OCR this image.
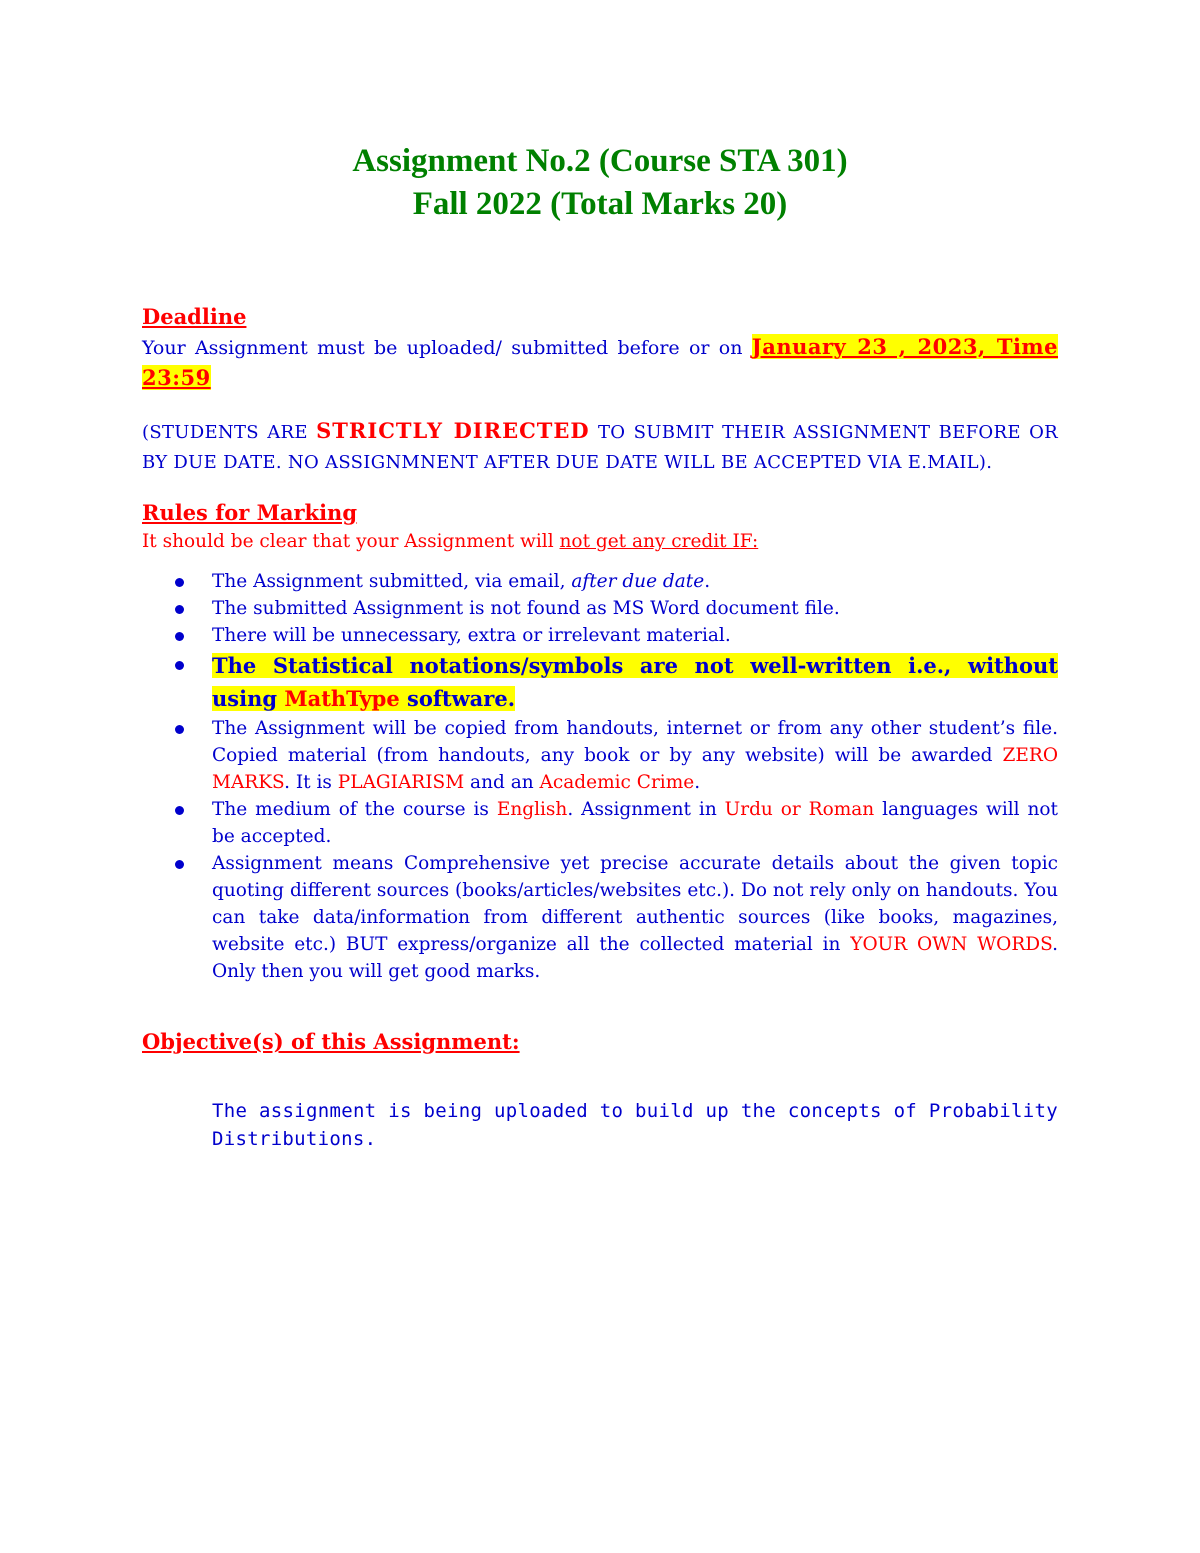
Assignment No.2 (Course STA 301)
Fall 2022 (Total Marks 20)

Deadline

Your Assignment must be uploaded/ submitted before or on January 23 , 2023, Time 23:59

(STUDENTS ARE STRICTLY DIRECTED TO SUBMIT THEIR ASSIGNMENT BEFORE OR BY DUE DATE. NO ASSIGNMNENT AFTER DUE DATE WILL BE ACCEPTED VIA E.MAIL).

Rules for Marking

It should be clear that your Assignment will not get any credit IF:

The Assignment submitted, via email, after due date.
The submitted Assignment is not found as MS Word document file.
There will be unnecessary, extra or irrelevant material.
The Statistical notations/symbols are not well-written i.e., without using MathType software.
The Assignment will be copied from handouts, internet or from any other student’s file. Copied material (from handouts, any book or by any website) will be awarded ZERO MARKS. It is PLAGIARISM and an Academic Crime.
The medium of the course is English. Assignment in Urdu or Roman languages will not be accepted.
Assignment means Comprehensive yet precise accurate details about the given topic quoting different sources (books/articles/websites etc.). Do not rely only on handouts. You can take data/information from different authentic sources (like books, magazines, website etc.) BUT express/organize all the collected material in YOUR OWN WORDS. Only then you will get good marks.

Objective(s) of this Assignment:

The assignment is being uploaded to build up the concepts of Probability Distributions.
